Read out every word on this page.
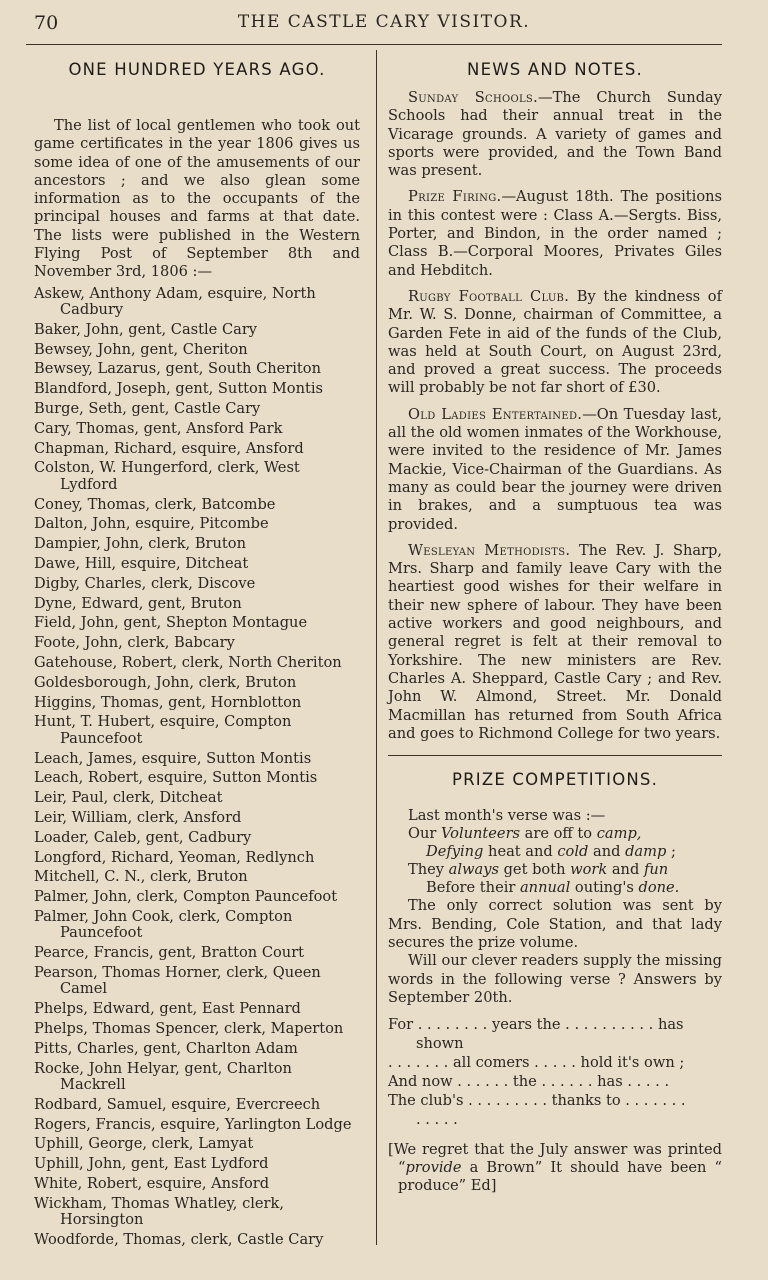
70	THE CASTLE CARY VISITOR.
ONE HUNDRED YEARS AGO.

The list of local gentlemen who took out game certificates in the year 1806 gives us some idea of one of the amusements of our ancestors ; and we also glean some information as to the occupants of the principal houses and farms at that date. The lists were published in the Western Flying Post of September 8th and November 3rd, 1806 :—

Askew, Anthony Adam, esquire, North Cadbury
Baker, John, gent, Castle Cary
Bewsey, John, gent, Cheriton
Bewsey, Lazarus, gent, South Cheriton
Blandford, Joseph, gent, Sutton Montis
Burge, Seth, gent, Castle Cary
Cary, Thomas, gent, Ansford Park
Chapman, Richard, esquire, Ansford
Colston, W. Hungerford, clerk, West Lydford
Coney, Thomas, clerk, Batcombe
Dalton, John, esquire, Pitcombe
Dampier, John, clerk, Bruton
Dawe, Hill, esquire, Ditcheat
Digby, Charles, clerk, Discove
Dyne, Edward, gent, Bruton
Field, John, gent, Shepton Montague
Foote, John, clerk, Babcary
Gatehouse, Robert, clerk, North Cheriton
Goldesborough, John, clerk, Bruton
Higgins, Thomas, gent, Hornblotton
Hunt, T. Hubert, esquire, Compton Pauncefoot
Leach, James, esquire, Sutton Montis
Leach, Robert, esquire, Sutton Montis
Leir, Paul, clerk, Ditcheat
Leir, William, clerk, Ansford
Loader, Caleb, gent, Cadbury
Longford, Richard, Yeoman, Redlynch
Mitchell, C. N., clerk, Bruton
Palmer, John, clerk, Compton Pauncefoot
Palmer, John Cook, clerk, Compton Pauncefoot
Pearce, Francis, gent, Bratton Court
Pearson, Thomas Horner, clerk, Queen Camel
Phelps, Edward, gent, East Pennard
Phelps, Thomas Spencer, clerk, Maperton
Pitts, Charles, gent, Charlton Adam
Rocke, John Helyar, gent, Charlton Mackrell
Rodbard, Samuel, esquire, Evercreech
Rogers, Francis, esquire, Yarlington Lodge
Uphill, George, clerk, Lamyat
Uphill, John, gent, East Lydford
White, Robert, esquire, Ansford
Wickham, Thomas Whatley, clerk, Horsington
Woodforde, Thomas, clerk, Castle Cary
NEWS AND NOTES.

Sunday Schools.—The Church Sunday Schools had their annual treat in the Vicarage grounds. A variety of games and sports were provided, and the Town Band was present.

Prize Firing.—August 18th. The positions in this contest were : Class A.—Sergts. Biss, Porter, and Bindon, in the order named ; Class B.—Corporal Moores, Privates Giles and Hebditch.

Rugby Football Club. By the kindness of Mr. W. S. Donne, chairman of Committee, a Garden Fete in aid of the funds of the Club, was held at South Court, on August 23rd, and proved a great success. The proceeds will probably be not far short of £30.

Old Ladies Entertained.—On Tuesday last, all the old women inmates of the Workhouse, were invited to the residence of Mr. James Mackie, Vice-Chairman of the Guardians. As many as could bear the journey were driven in brakes, and a sumptuous tea was provided.

Wesleyan Methodists. The Rev. J. Sharp, Mrs. Sharp and family leave Cary with the heartiest good wishes for their welfare in their new sphere of labour. They have been active workers and good neighbours, and general regret is felt at their removal to Yorkshire. The new ministers are Rev. Charles A. Sheppard, Castle Cary ; and Rev. John W. Almond, Street. Mr. Donald Macmillan has returned from South Africa and goes to Richmond College for two years.

PRIZE COMPETITIONS.

Last month's verse was :—

Our Volunteers are off to camp,
Defying heat and cold and damp ;
They always get both work and fun
Before their annual outing's done.

The only correct solution was sent by Mrs. Bending, Cole Station, and that lady secures the prize volume.

Will our clever readers supply the missing words in the following verse ? Answers by September 20th.

For . . . . . . . . years the . . . . . . . . . . has
shown
. . . . . . . all comers . . . . . hold it's own ;
And now . . . . . . the . . . . . . has . . . . .
The club's . . . . . . . . . thanks to . . . . . . .
. . . . .

[We regret that the July answer was printed “provide a Brown” It should have been “ produce” Ed]
